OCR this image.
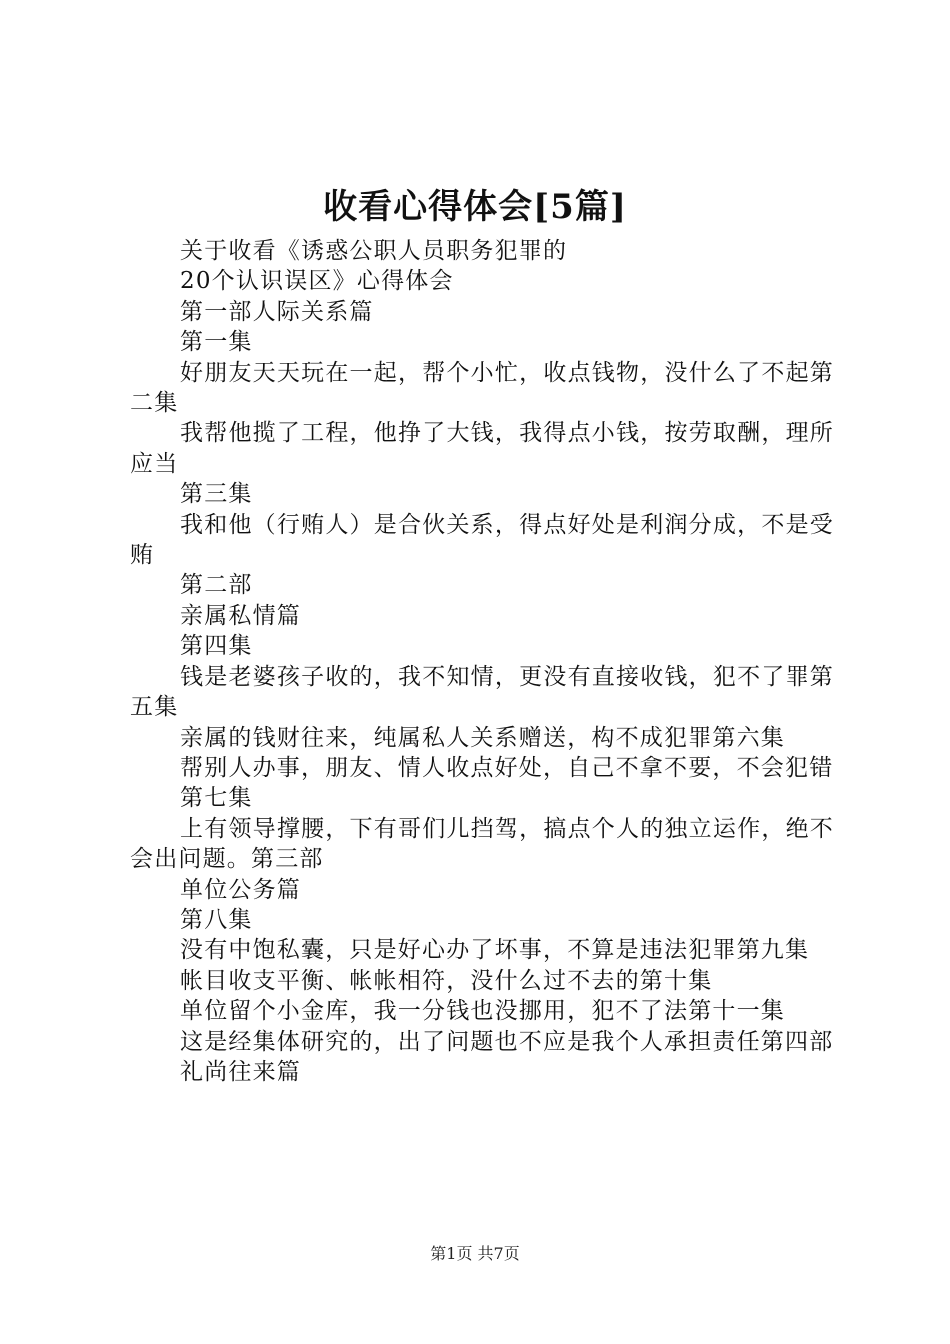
收看心得体会[5篇]

关于收看《诱惑公职人员职务犯罪的

20个认识误区》心得体会

第一部人际关系篇

第一集

好朋友天天玩在一起，帮个小忙，收点钱物，没什么了不起第二集

我帮他揽了工程，他挣了大钱，我得点小钱，按劳取酬，理所应当

第三集

我和他（行贿人）是合伙关系，得点好处是利润分成，不是受贿

第二部

亲属私情篇

第四集

钱是老婆孩子收的，我不知情，更没有直接收钱，犯不了罪第五集

亲属的钱财往来，纯属私人关系赠送，构不成犯罪第六集

帮别人办事，朋友、情人收点好处，自己不拿不要，不会犯错

第七集

上有领导撑腰，下有哥们儿挡驾，搞点个人的独立运作，绝不会出问题。第三部

单位公务篇

第八集

没有中饱私囊，只是好心办了坏事，不算是违法犯罪第九集

帐目收支平衡、帐帐相符，没什么过不去的第十集

单位留个小金库，我一分钱也没挪用，犯不了法第十一集

这是经集体研究的，出了问题也不应是我个人承担责任第四部

礼尚往来篇

第1页 共7页
